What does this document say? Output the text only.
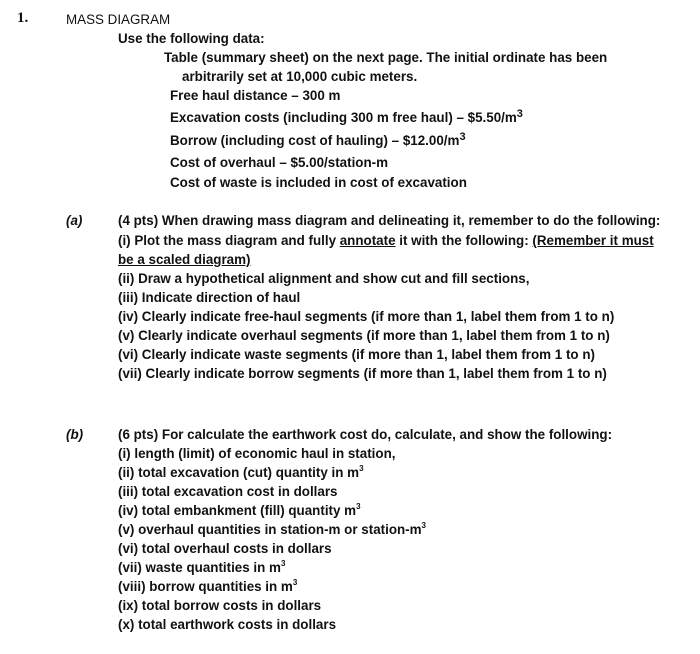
1.	MASS DIAGRAM
Use the following data:
Table (summary sheet) on the next page. The initial ordinate has been
arbitrarily set at 10,000 cubic meters.
Free haul distance – 300 m
Excavation costs (including 300 m free haul) – $\$5.50/m^3$
Borrow (including cost of hauling) – $\$12.00/m^3$
Cost of overhaul – $5.00/station-m
Cost of waste is included in cost of excavation
(a)	(4 pts) When drawing mass diagram and delineating it, remember to do the following:
(i) Plot the mass diagram and fully annotate it with the following: (Remember it must
be a scaled diagram)
(ii) Draw a hypothetical alignment and show cut and fill sections,
(iii) Indicate direction of haul
(iv) Clearly indicate free-haul segments (if more than 1, label them from 1 to n)
(v) Clearly indicate overhaul segments (if more than 1, label them from 1 to n)
(vi) Clearly indicate waste segments (if more than 1, label them from 1 to n)
(vii) Clearly indicate borrow segments (if more than 1, label them from 1 to n)
(b)	(6 pts) For calculate the earthwork cost do, calculate, and show the following:
(i) length (limit) of economic haul in station,
(ii) total excavation (cut) quantity in $m^3$
(iii) total excavation cost in dollars
(iv) total embankment (fill) quantity $m^3$
(v) overhaul quantities in station-m or station-$m^3$
(vi) total overhaul costs in dollars
(vii) waste quantities in $m^3$
(viii) borrow quantities in $m^3$
(ix) total borrow costs in dollars
(x) total earthwork costs in dollars
